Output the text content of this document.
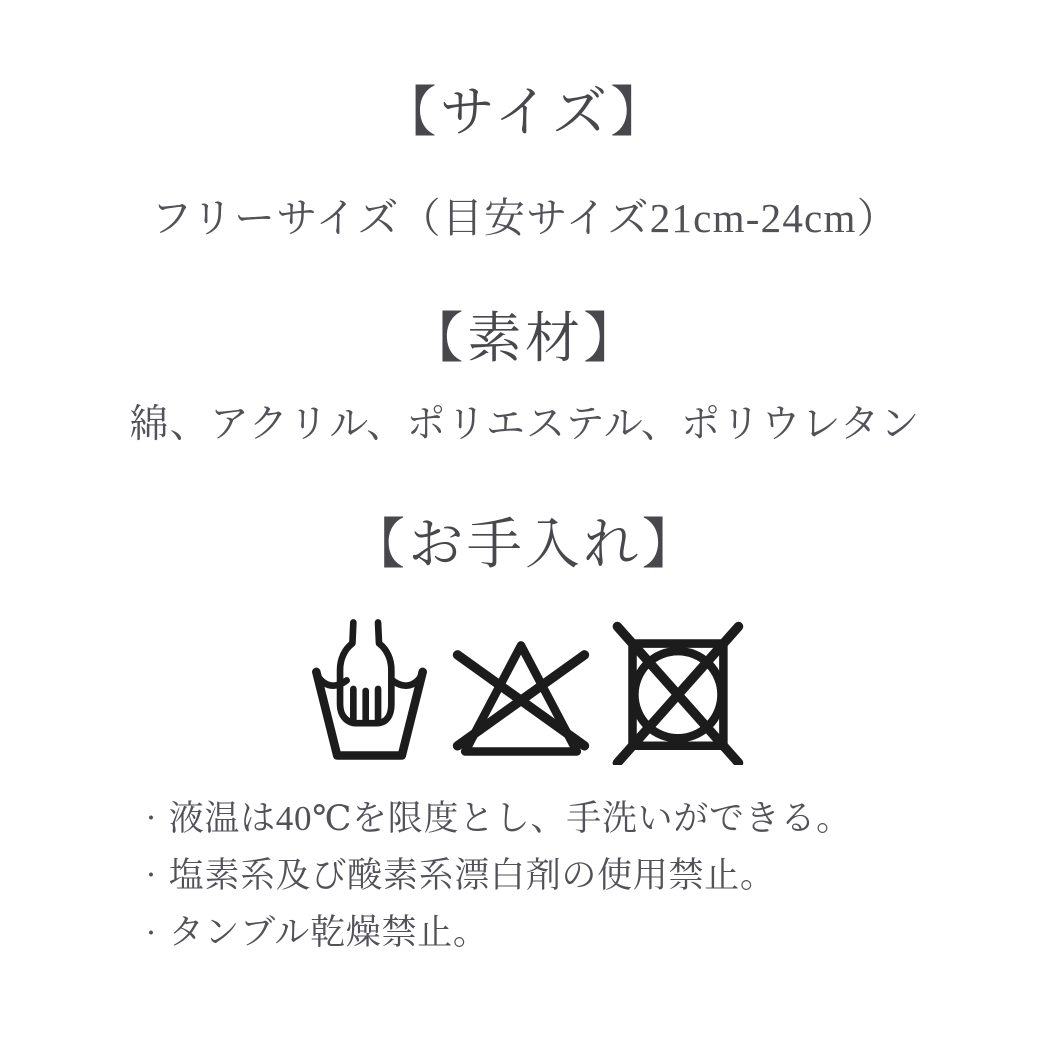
【サイズ】

フリーサイズ（目安サイズ21cm-24cm）

【素材】

綿、アクリル、ポリエステル、ポリウレタン

【お手入れ】
・ 液温は40℃を限度とし、手洗いができる。
・ 塩素系及び酸素系漂白剤の使用禁止。
・ タンブル乾燥禁止。
